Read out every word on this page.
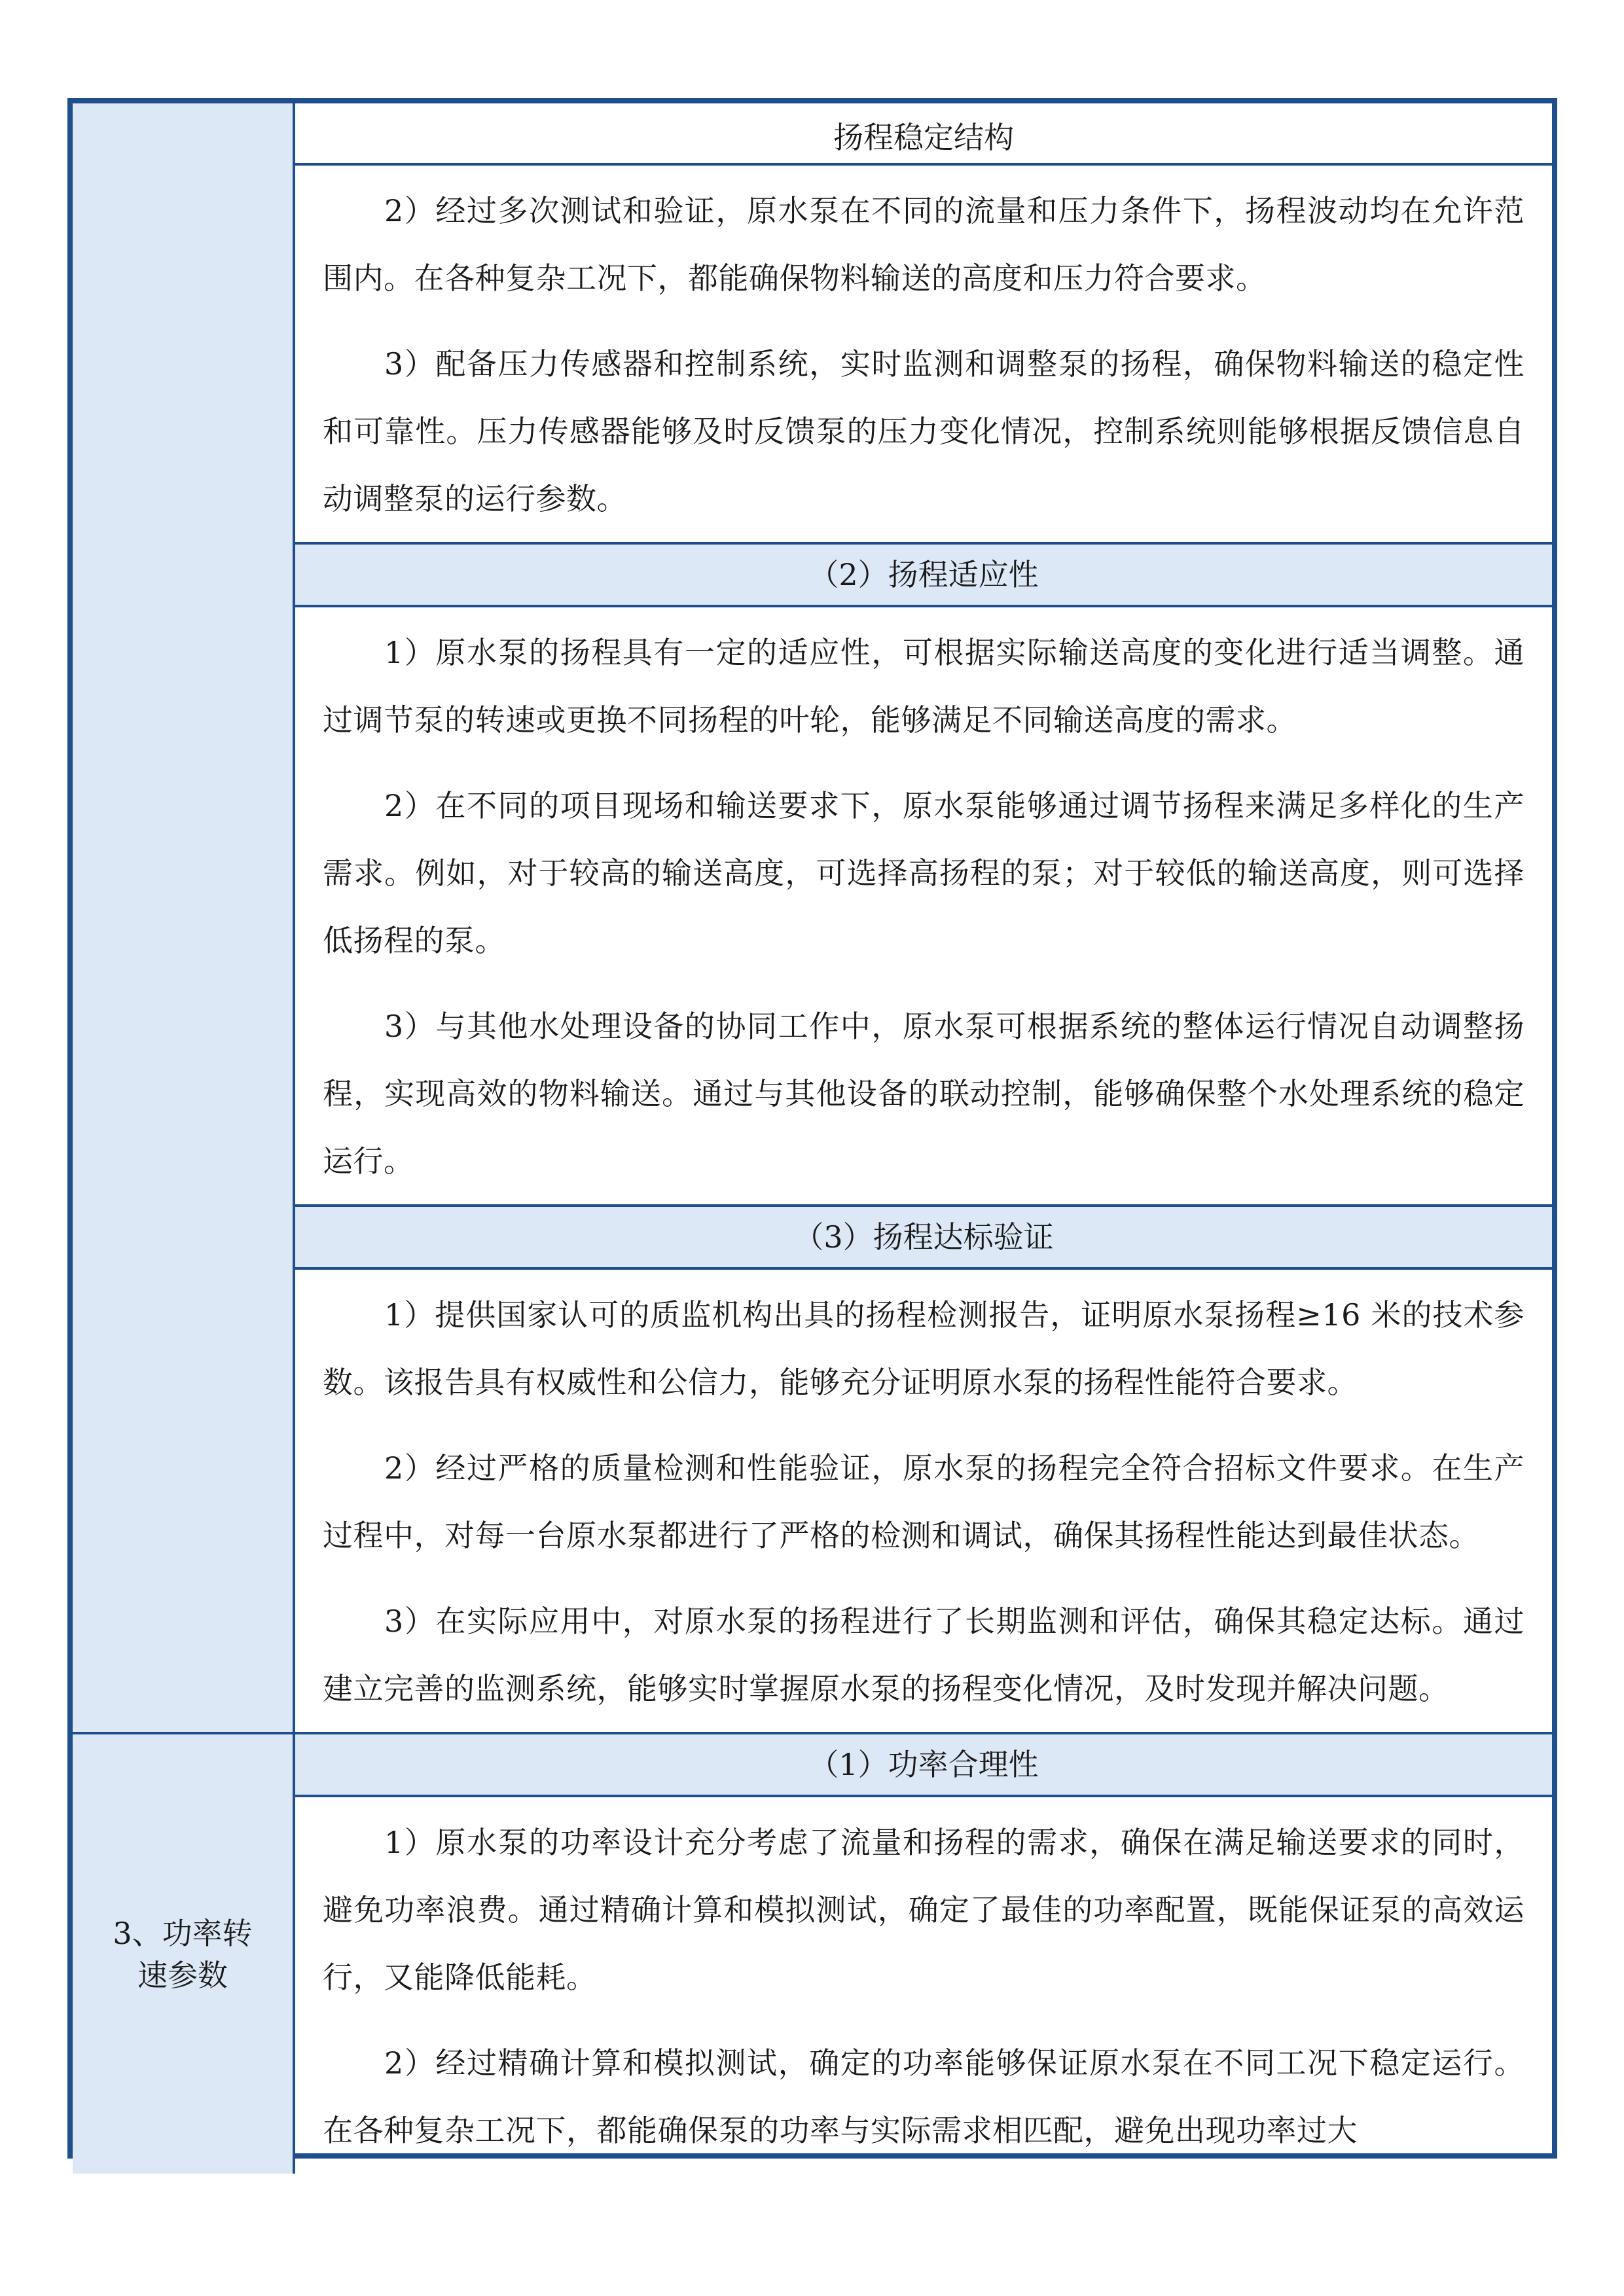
扬程稳定结构

2）经过多次测试和验证，原水泵在不同的流量和压力条件下，扬程波动均在允许范围内。在各种复杂工况下，都能确保物料输送的高度和压力符合要求。

3）配备压力传感器和控制系统，实时监测和调整泵的扬程，确保物料输送的稳定性和可靠性。压力传感器能够及时反馈泵的压力变化情况，控制系统则能够根据反馈信息自动调整泵的运行参数。

（2）扬程适应性

1）原水泵的扬程具有一定的适应性，可根据实际输送高度的变化进行适当调整。通过调节泵的转速或更换不同扬程的叶轮，能够满足不同输送高度的需求。

2）在不同的项目现场和输送要求下，原水泵能够通过调节扬程来满足多样化的生产需求。例如，对于较高的输送高度，可选择高扬程的泵；对于较低的输送高度，则可选择低扬程的泵。

3）与其他水处理设备的协同工作中，原水泵可根据系统的整体运行情况自动调整扬程，实现高效的物料输送。通过与其他设备的联动控制，能够确保整个水处理系统的稳定运行。

（3）扬程达标验证

1）提供国家认可的质监机构出具的扬程检测报告，证明原水泵扬程≥16 米的技术参数。该报告具有权威性和公信力，能够充分证明原水泵的扬程性能符合要求。

2）经过严格的质量检测和性能验证，原水泵的扬程完全符合招标文件要求。在生产过程中，对每一台原水泵都进行了严格的检测和调试，确保其扬程性能达到最佳状态。

3）在实际应用中，对原水泵的扬程进行了长期监测和评估，确保其稳定达标。通过建立完善的监测系统，能够实时掌握原水泵的扬程变化情况，及时发现并解决问题。

3、功率转速参数
（1）功率合理性

1）原水泵的功率设计充分考虑了流量和扬程的需求，确保在满足输送要求的同时，避免功率浪费。通过精确计算和模拟测试，确定了最佳的功率配置，既能保证泵的高效运行，又能降低能耗。

2）经过精确计算和模拟测试，确定的功率能够保证原水泵在不同工况下稳定运行。在各种复杂工况下，都能确保泵的功率与实际需求相匹配，避免出现功率过大
